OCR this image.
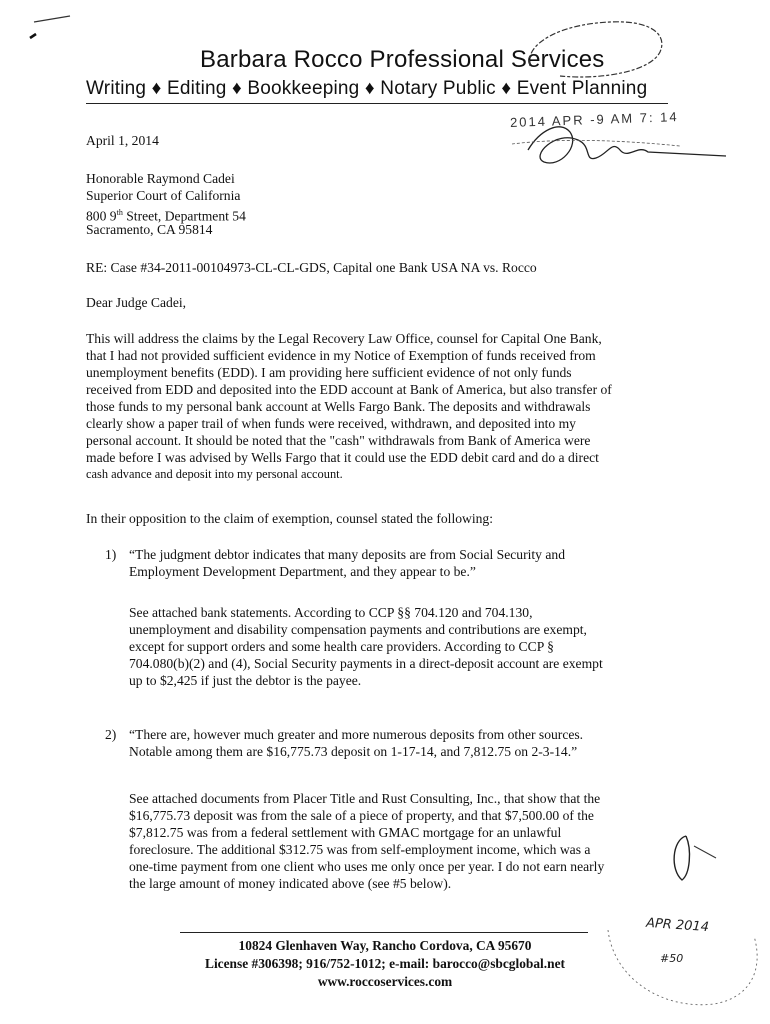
Barbara Rocco Professional Services
Writing ♦ Editing ♦ Bookkeeping ♦ Notary Public ♦ Event Planning
2014 APR -9 AM 7: 14
April 1, 2014
Honorable Raymond Cadei
Superior Court of California
800 9th Street, Department 54
Sacramento, CA 95814
RE: Case #34-2011-00104973-CL-CL-GDS, Capital one Bank USA NA vs. Rocco
Dear Judge Cadei,
This will address the claims by the Legal Recovery Law Office, counsel for Capital One Bank,
that I had not provided sufficient evidence in my Notice of Exemption of funds received from
unemployment benefits (EDD). I am providing here sufficient evidence of not only funds
received from EDD and deposited into the EDD account at Bank of America, but also transfer of
those funds to my personal bank account at Wells Fargo Bank. The deposits and withdrawals
clearly show a paper trail of when funds were received, withdrawn, and deposited into my
personal account. It should be noted that the "cash" withdrawals from Bank of America were
made before I was advised by Wells Fargo that it could use the EDD debit card and do a direct
cash advance and deposit into my personal account.
In their opposition to the claim of exemption, counsel stated the following:
1) “The judgment debtor indicates that many deposits are from Social Security and
Employment Development Department, and they appear to be.”
See attached bank statements. According to CCP §§ 704.120 and 704.130,
unemployment and disability compensation payments and contributions are exempt,
except for support orders and some health care providers. According to CCP §
704.080(b)(2) and (4), Social Security payments in a direct-deposit account are exempt
up to $2,425 if just the debtor is the payee.
2) “There are, however much greater and more numerous deposits from other sources.
Notable among them are $16,775.73 deposit on 1-17-14, and 7,812.75 on 2-3-14.”
See attached documents from Placer Title and Rust Consulting, Inc., that show that the
$16,775.73 deposit was from the sale of a piece of property, and that $7,500.00 of the
$7,812.75 was from a federal settlement with GMAC mortgage for an unlawful
foreclosure. The additional $312.75 was from self-employment income, which was a
one-time payment from one client who uses me only once per year. I do not earn nearly
the large amount of money indicated above (see #5 below).
APR 2014
#50
10824 Glenhaven Way, Rancho Cordova, CA 95670
License #306398; 916/752-1012; e-mail: barocco@sbcglobal.net
www.roccoservices.com
